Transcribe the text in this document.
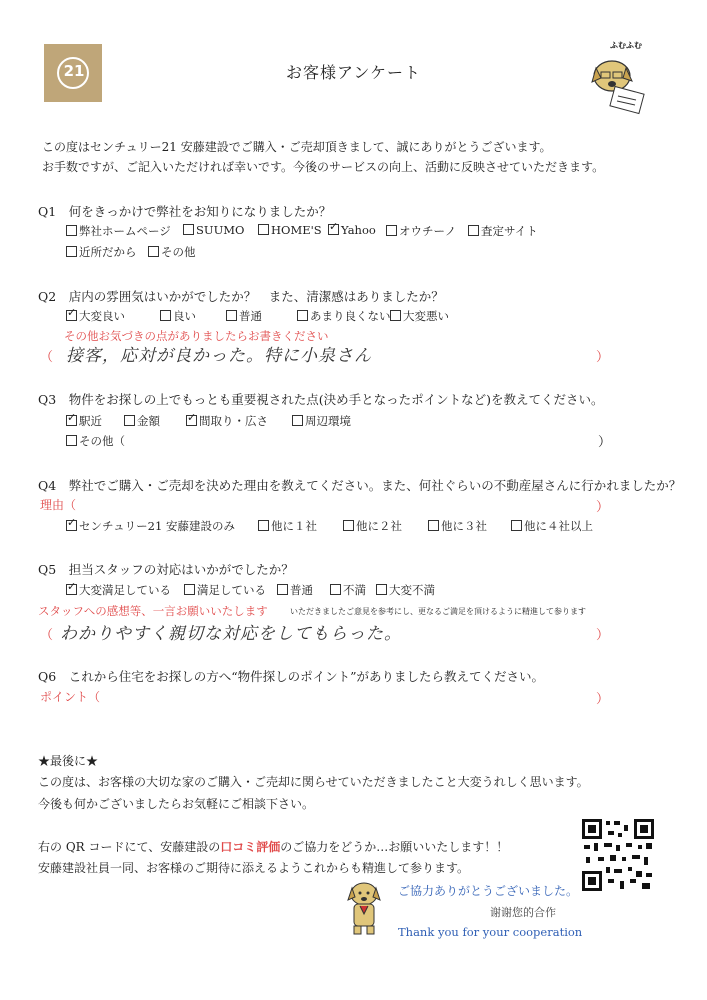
21	お客様アンケート
ふむふむ
この度はセンチュリー21 安藤建設でご購入・ご売却頂きまして、誠にありがとうございます。
お手数ですが、ご記入いただければ幸いです。今後のサービスの向上、活動に反映させていただきます。
Q1　 何をきっかけで弊社をお知りになりましたか？
弊社ホームページ	SUUMO	HOME'S ✓	Yahoo	オウチーノ	査定サイト
近所だから	その他
Q2　 店内の雰囲気はいかがでしたか？　また、清潔感はありましたか？
✓大変良い	良い	普通	あまり良くない	大変悪い
その他お気づきの点がありましたらお書きください
（ 接客，応対が良かった。特に小泉さん	）
Q3　 物件をお探しの上でもっとも重要視された点(決め手となったポイントなど)を教えてください。
✓駅近	金額 ✓	間取り・広さ	周辺環境
その他（	）
Q4　 弊社でご購入・ご売却を決めた理由を教えてください。また、何社ぐらいの不動産屋さんに行かれましたか？
理由（	）
✓センチュリー21 安藤建設のみ	他に１社	他に２社	他に３社	他に４社以上
Q5　 担当スタッフの対応はいかがでしたか？
✓大変満足している	満足している	普通	不満	大変不満
スタッフへの感想等、一言お願いいたします	いただきましたご意見を参考にし、更なるご満足を頂けるように精進して参ります
（ わかりやすく親切な対応をしてもらった。	）
Q6　 これから住宅をお探しの方へ“物件探しのポイント”がありましたら教えてください。
ポイント（	）
★最後に★
この度は、お客様の大切な家のご購入・ご売却に関らせていただきましたこと大変うれしく思います。
今後も何かございましたらお気軽にご相談下さい。
右の QR コードにて、安藤建設の口コミ評価のご協力をどうか…お願いいたします！！
安藤建設社員一同、お客様のご期待に添えるようこれからも精進して参ります。
ご協力ありがとうございました。
谢谢您的合作
Thank you for your cooperation
